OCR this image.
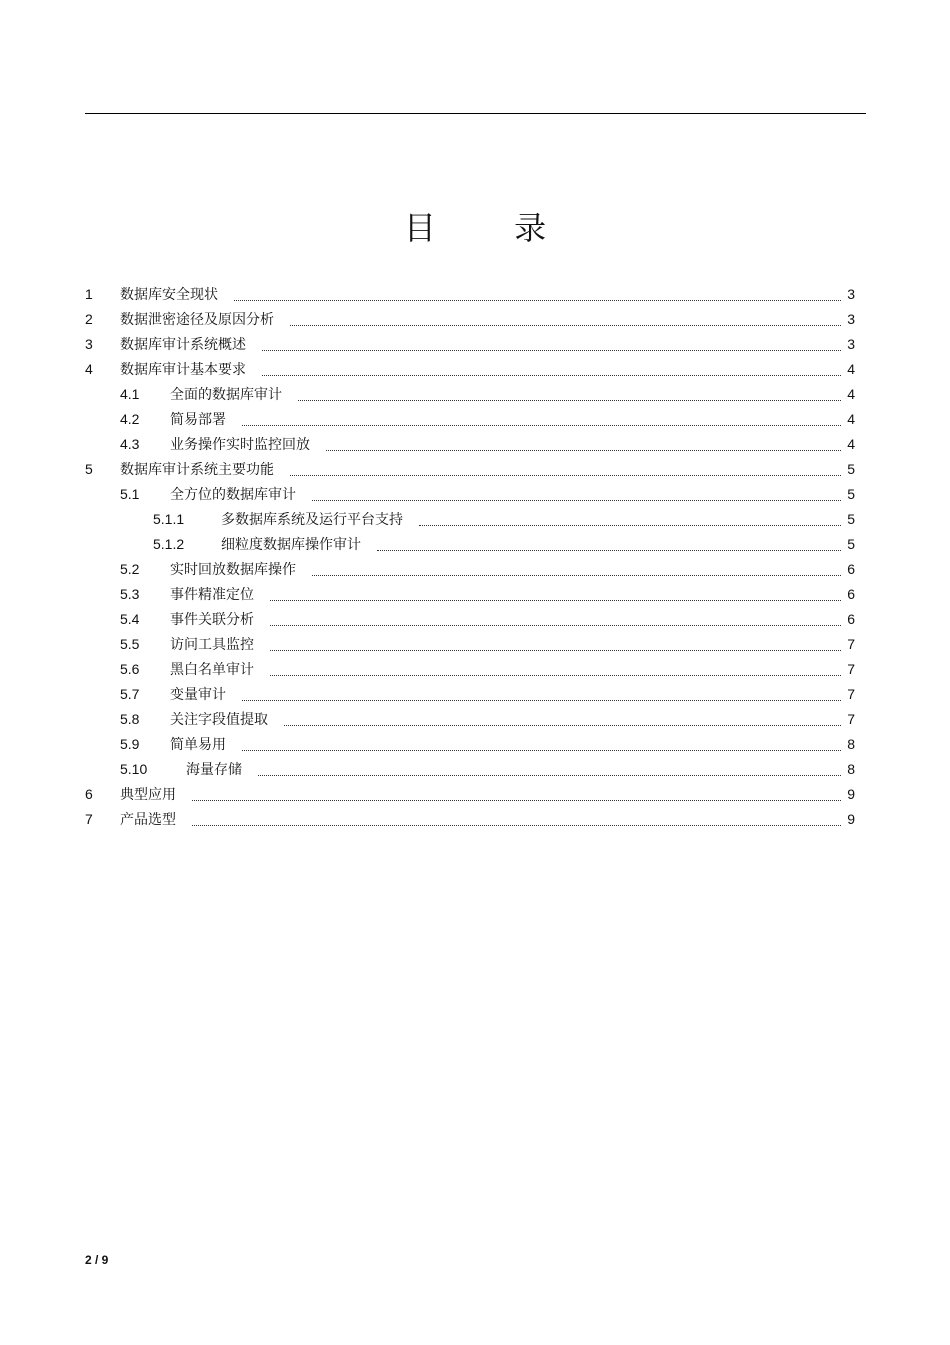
目 录
1 数据库安全现状	3
2 数据泄密途径及原因分析	3
3 数据库审计系统概述	3
4 数据库审计基本要求	4
4.1 全面的数据库审计	4
4.2 简易部署	4
4.3 业务操作实时监控回放	4
5 数据库审计系统主要功能	5
5.1 全方位的数据库审计	5
5.1.1	多数据库系统及运行平台支持	5
5.1.2	细粒度数据库操作审计	5
5.2 实时回放数据库操作	6
5.3 事件精准定位	6
5.4 事件关联分析	6
5.5 访问工具监控	7
5.6 黑白名单审计	7
5.7 变量审计	7
5.8 关注字段值提取	7
5.9 简单易用	8
5.10	海量存储	8
6 典型应用	9
7 产品选型	9
2 / 9
